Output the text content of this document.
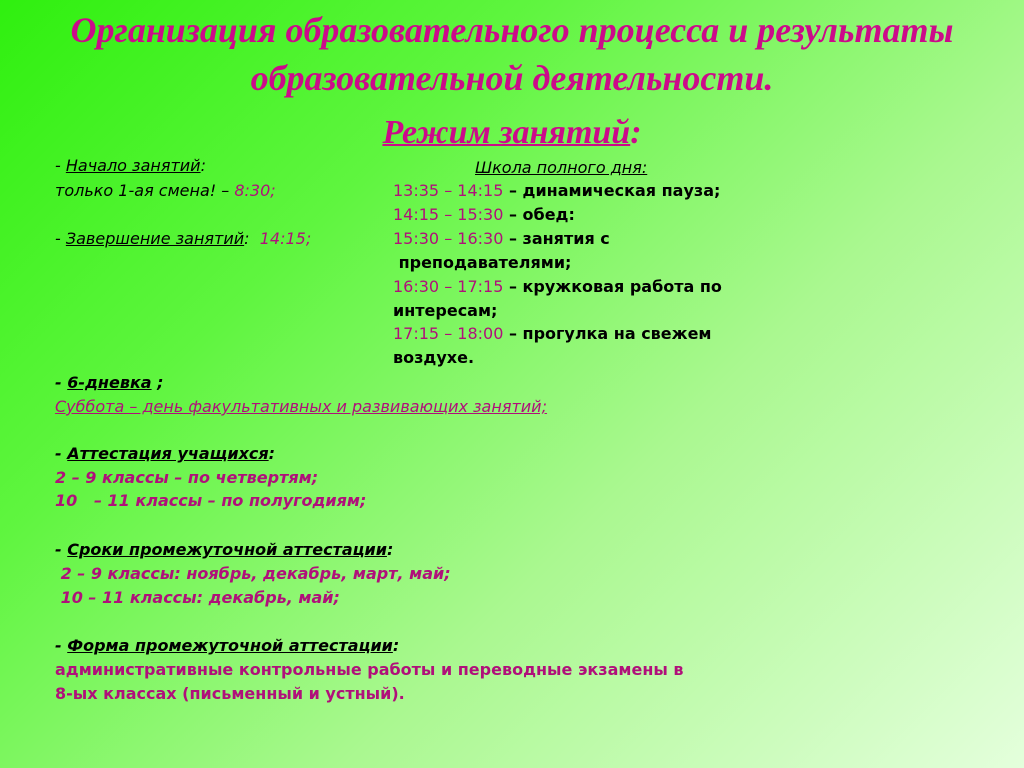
Организация образовательного процесса и результаты
образовательной деятельности.
Режим занятий:
- Начало занятий:
только 1-ая смена! – 8:30;
- Завершение занятий: 14:15;
Школа полного дня:
13:35 – 14:15 – динамическая пауза;
14:15 – 15:30 – обед:
15:30 – 16:30 – занятия с
преподавателями;
16:30 – 17:15 – кружковая работа по
интересам;
17:15 – 18:00 – прогулка на свежем
воздухе.
- 6-дневка ;
Суббота – день факультативных и развивающих занятий;
- Аттестация учащихся:
2 – 9 классы – по четвертям;
10   – 11 классы – по полугодиям;
- Сроки промежуточной аттестации:
2 – 9 классы: ноябрь, декабрь, март, май;
10 – 11 классы: декабрь, май;
- Форма промежуточной аттестации:
административные контрольные работы и переводные экзамены в
8-ых классах (письменный и устный).
